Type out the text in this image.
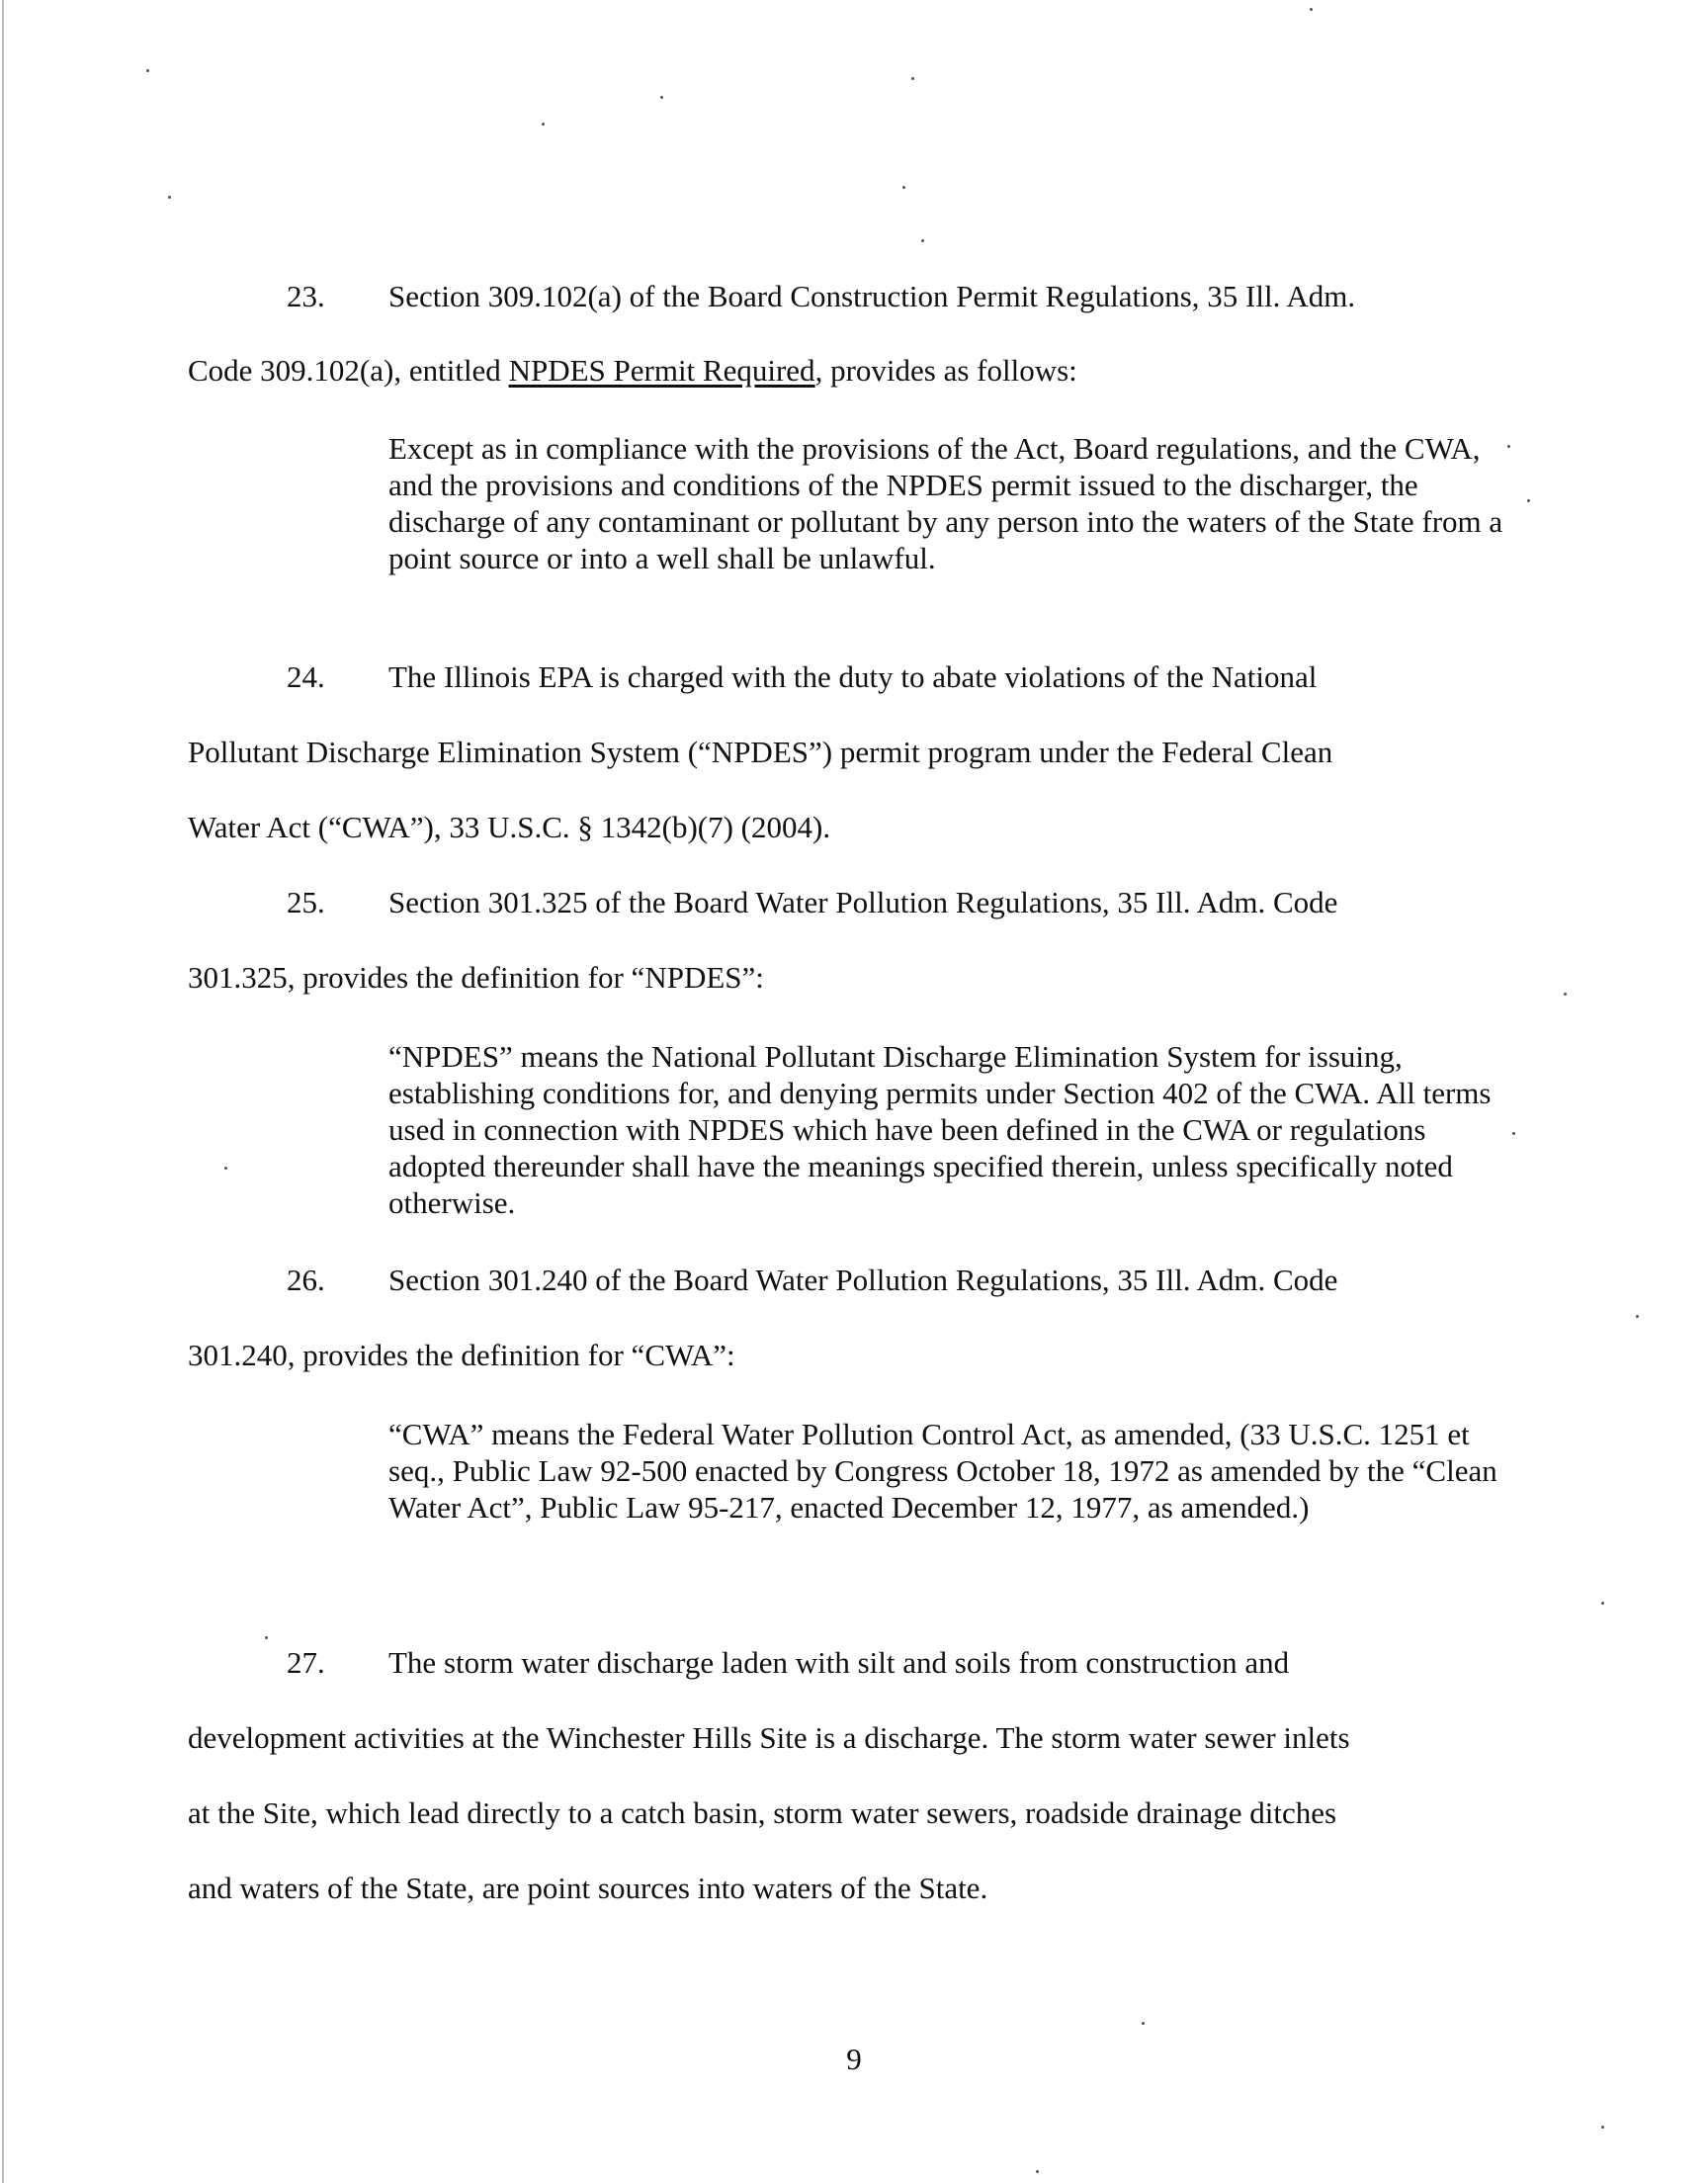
23. Section 309.102(a) of the Board Construction Permit Regulations, 35 Ill. Adm.
Code 309.102(a), entitled NPDES Permit Required, provides as follows:

Except as in compliance with the provisions of the Act, Board regulations, and the CWA, and the provisions and conditions of the NPDES permit issued to the discharger, the discharge of any contaminant or pollutant by any person into the waters of the State from a point source or into a well shall be unlawful.

24. The Illinois EPA is charged with the duty to abate violations of the National
Pollutant Discharge Elimination System (“NPDES”) permit program under the Federal Clean
Water Act (“CWA”), 33 U.S.C. § 1342(b)(7) (2004).
25. Section 301.325 of the Board Water Pollution Regulations, 35 Ill. Adm. Code
301.325, provides the definition for “NPDES”:

“NPDES” means the National Pollutant Discharge Elimination System for issuing, establishing conditions for, and denying permits under Section 402 of the CWA. All terms used in connection with NPDES which have been defined in the CWA or regulations adopted thereunder shall have the meanings specified therein, unless specifically noted otherwise.

26. Section 301.240 of the Board Water Pollution Regulations, 35 Ill. Adm. Code
301.240, provides the definition for “CWA”:

“CWA” means the Federal Water Pollution Control Act, as amended, (33 U.S.C. 1251 et seq., Public Law 92-500 enacted by Congress October 18, 1972 as amended by the “Clean Water Act”, Public Law 95-217, enacted December 12, 1977, as amended.)

27. The storm water discharge laden with silt and soils from construction and
development activities at the Winchester Hills Site is a discharge. The storm water sewer inlets
at the Site, which lead directly to a catch basin, storm water sewers, roadside drainage ditches
and waters of the State, are point sources into waters of the State.
9
